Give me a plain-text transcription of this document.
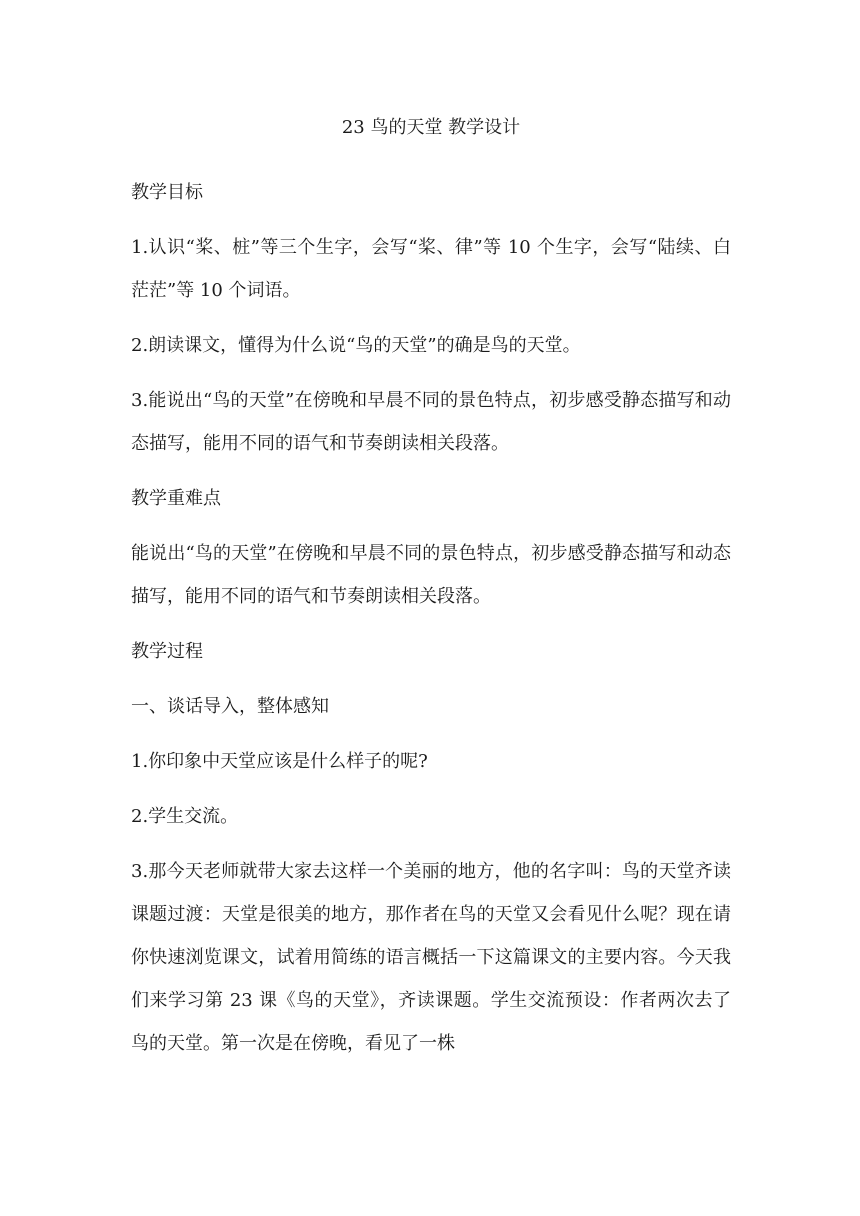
23 鸟的天堂 教学设计

教学目标

1.认识“桨、桩”等三个生字，会写“桨、律”等 10 个生字，会写“陆续、白茫茫”等 10 个词语。

2.朗读课文，懂得为什么说“鸟的天堂”的确是鸟的天堂。

3.能说出“鸟的天堂”在傍晚和早晨不同的景色特点，初步感受静态描写和动态描写，能用不同的语气和节奏朗读相关段落。

教学重难点

能说出“鸟的天堂”在傍晚和早晨不同的景色特点，初步感受静态描写和动态描写，能用不同的语气和节奏朗读相关段落。

教学过程

一、谈话导入，整体感知

1.你印象中天堂应该是什么样子的呢?

2.学生交流。

3.那今天老师就带大家去这样一个美丽的地方，他的名字叫：鸟的天堂齐读课题过渡：天堂是很美的地方，那作者在鸟的天堂又会看见什么呢？现在请你快速浏览课文，试着用简练的语言概括一下这篇课文的主要内容。今天我们来学习第 23 课《鸟的天堂》，齐读课题。学生交流预设：作者两次去了鸟的天堂。第一次是在傍晚，看见了一株
